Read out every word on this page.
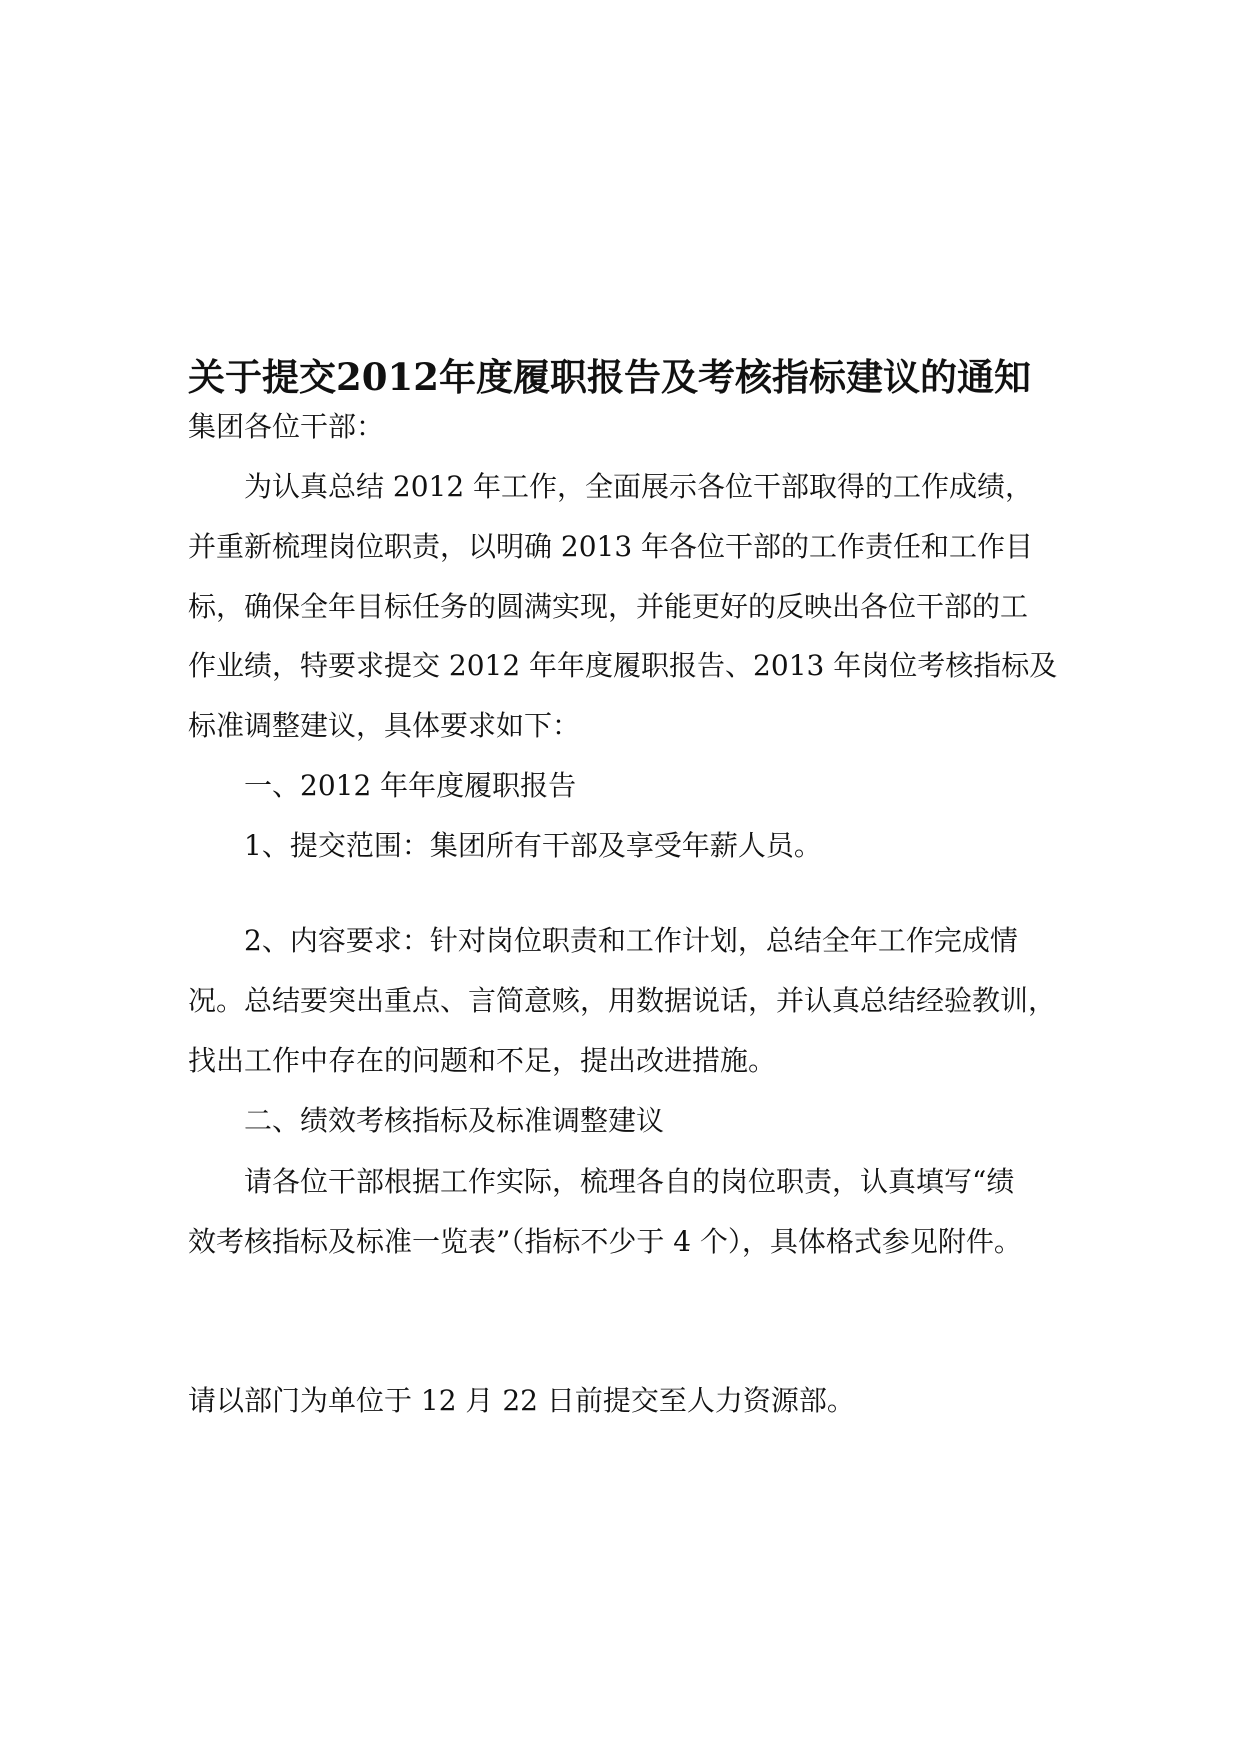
关于提交2012年度履职报告及考核指标建议的通知

集团各位干部：

为认真总结 2012 年工作，全面展示各位干部取得的工作成绩，

并重新梳理岗位职责，以明确 2013 年各位干部的工作责任和工作目

标，确保全年目标任务的圆满实现，并能更好的反映出各位干部的工

作业绩，特要求提交 2012 年年度履职报告、2013 年岗位考核指标及

标准调整建议，具体要求如下：

一、2012 年年度履职报告

1、提交范围：集团所有干部及享受年薪人员。

2、内容要求：针对岗位职责和工作计划，总结全年工作完成情

况。总结要突出重点、言简意赅，用数据说话，并认真总结经验教训，

找出工作中存在的问题和不足，提出改进措施。

二、绩效考核指标及标准调整建议

请各位干部根据工作实际，梳理各自的岗位职责，认真填写“绩

效考核指标及标准一览表”（指标不少于 4 个），具体格式参见附件。

请以部门为单位于 12 月 22 日前提交至人力资源部。
